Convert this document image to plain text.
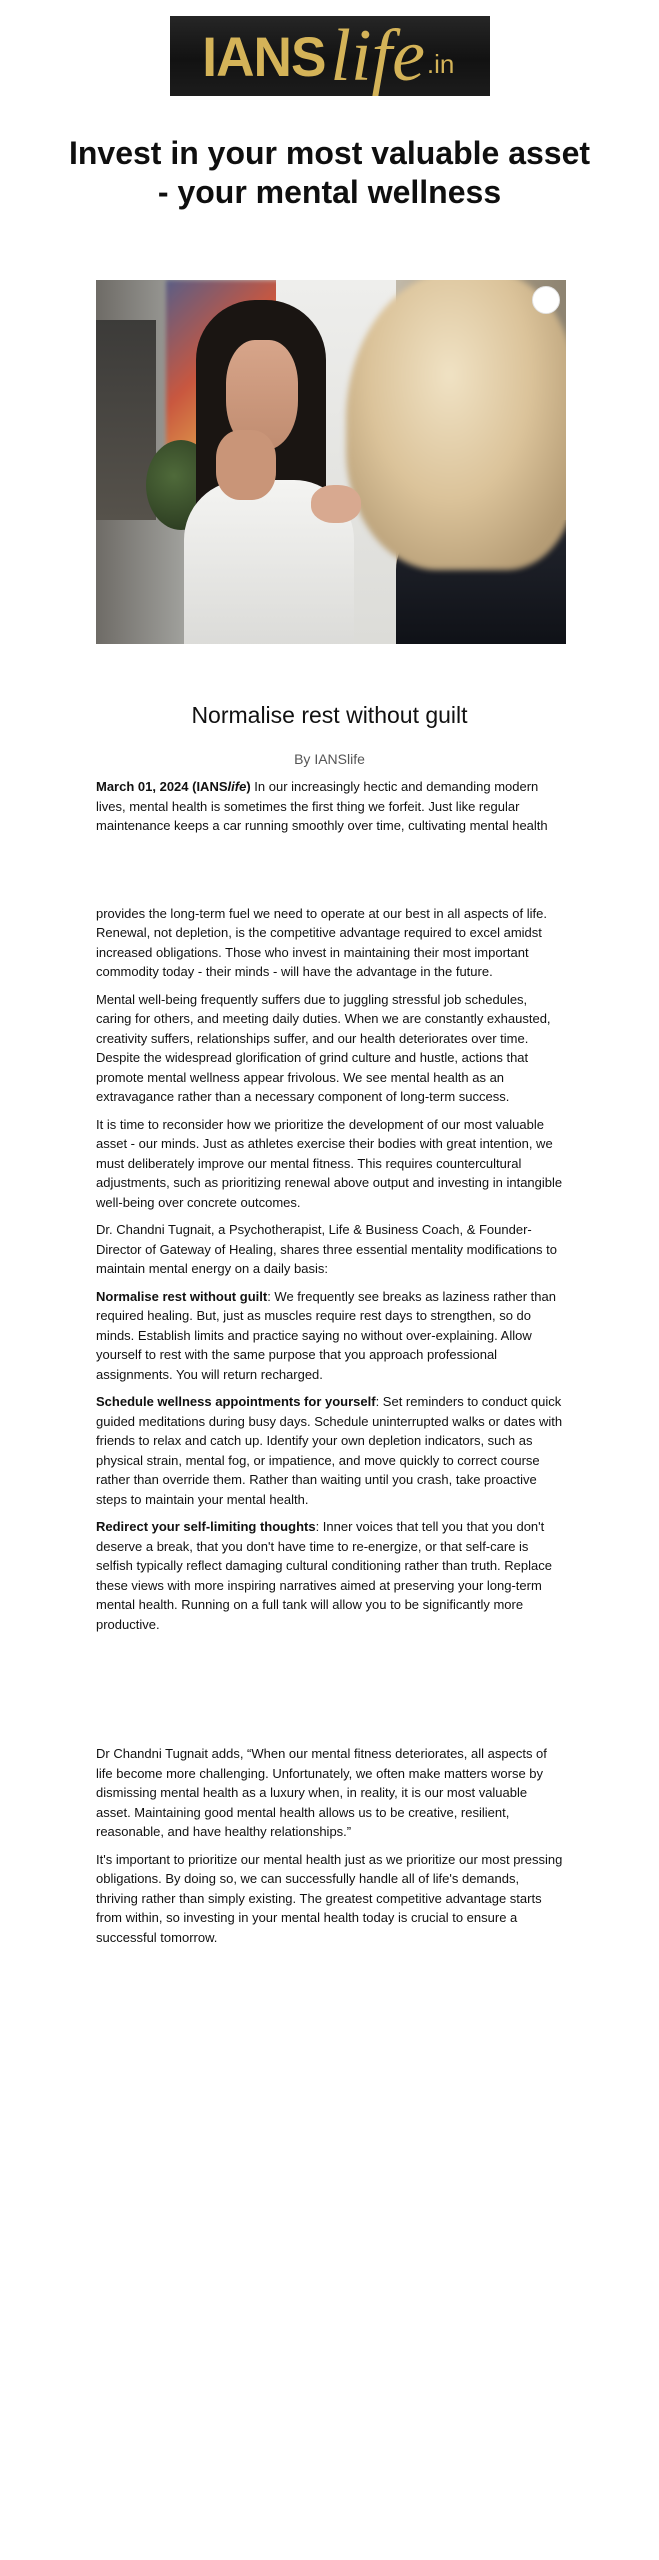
IANS life .in
Invest in your most valuable asset - your mental wellness
Normalise rest without guilt
By IANSlife

March 01, 2024 (IANSlife) In our increasingly hectic and demanding modern lives, mental health is sometimes the first thing we forfeit. Just like regular maintenance keeps a car running smoothly over time, cultivating mental health

provides the long-term fuel we need to operate at our best in all aspects of life. Renewal, not depletion, is the competitive advantage required to excel amidst increased obligations. Those who invest in maintaining their most important commodity today - their minds - will have the advantage in the future.

Mental well-being frequently suffers due to juggling stressful job schedules, caring for others, and meeting daily duties. When we are constantly exhausted, creativity suffers, relationships suffer, and our health deteriorates over time. Despite the widespread glorification of grind culture and hustle, actions that promote mental wellness appear frivolous. We see mental health as an extravagance rather than a necessary component of long-term success.

It is time to reconsider how we prioritize the development of our most valuable asset - our minds. Just as athletes exercise their bodies with great intention, we must deliberately improve our mental fitness. This requires countercultural adjustments, such as prioritizing renewal above output and investing in intangible well-being over concrete outcomes.

Dr. Chandni Tugnait, a Psychotherapist, Life & Business Coach, & Founder-Director of Gateway of Healing, shares three essential mentality modifications to maintain mental energy on a daily basis:

Normalise rest without guilt: We frequently see breaks as laziness rather than required healing. But, just as muscles require rest days to strengthen, so do minds. Establish limits and practice saying no without over-explaining. Allow yourself to rest with the same purpose that you approach professional assignments. You will return recharged.

Schedule wellness appointments for yourself: Set reminders to conduct quick guided meditations during busy days. Schedule uninterrupted walks or dates with friends to relax and catch up. Identify your own depletion indicators, such as physical strain, mental fog, or impatience, and move quickly to correct course rather than override them. Rather than waiting until you crash, take proactive steps to maintain your mental health.

Redirect your self-limiting thoughts: Inner voices that tell you that you don't deserve a break, that you don't have time to re-energize, or that self-care is selfish typically reflect damaging cultural conditioning rather than truth. Replace these views with more inspiring narratives aimed at preserving your long-term mental health. Running on a full tank will allow you to be significantly more productive.

Dr Chandni Tugnait adds, “When our mental fitness deteriorates, all aspects of life become more challenging. Unfortunately, we often make matters worse by dismissing mental health as a luxury when, in reality, it is our most valuable asset. Maintaining good mental health allows us to be creative, resilient, reasonable, and have healthy relationships.”

It's important to prioritize our mental health just as we prioritize our most pressing obligations. By doing so, we can successfully handle all of life's demands, thriving rather than simply existing. The greatest competitive advantage starts from within, so investing in your mental health today is crucial to ensure a successful tomorrow.
